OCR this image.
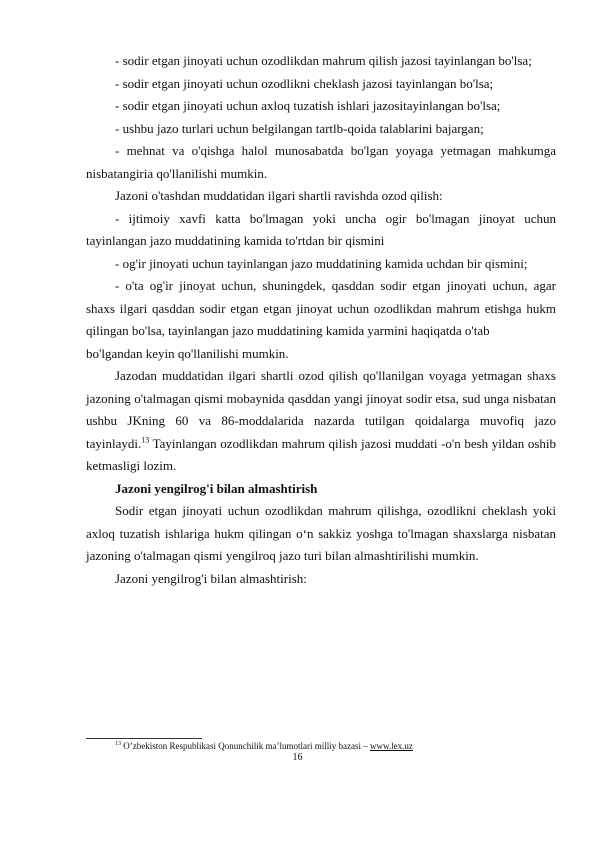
- sodir etgan jinoyati uchun ozodlikdan mahrum qilish jazosi tayinlangan bo'lsa;

- sodir etgan jinoyati uchun ozodlikni cheklash jazosi tayinlangan bo'lsa;

- sodir etgan jinoyati uchun axloq tuzatish ishlari jazositayinlangan bo'lsa;

- ushbu jazo turlari uchun belgilangan tartlb-qoida talablarini bajargan;

- mehnat va o'qishga halol munosabatda bo'lgan yoyaga yetmagan mahkumga nisbatangiria qo'llanilishi mumkin.

Jazoni o'tashdan muddatidan ilgari shartli ravishda ozod qilish:

- ijtimoiy xavfi katta bo'lmagan yoki uncha ogir bo'lmagan jinoyat uchun tayinlangan jazo muddatining kamida to'rtdan bir qismini

- og'ir jinoyati uchun tayinlangan jazo muddatining kamida uchdan bir qismini;

- o'ta og'ir jinoyat uchun, shuningdek, qasddan sodir etgan jinoyati uchun, agar shaxs ilgari qasddan sodir etgan etgan jinoyat uchun ozodlikdan mahrum etishga hukm qilingan bo'lsa, tayinlangan jazo muddatining kamida yarmini haqiqatda o'tab

bo'lgandan keyin qo'llanilishi mumkin.

Jazodan muddatidan ilgari shartli ozod qilish qo'llanilgan voyaga yetmagan shaxs jazoning o'talmagan qismi mobaynida qasddan yangi jinoyat sodir etsa, sud unga nisbatan ushbu JKning 60 va 86-moddalarida nazarda tutilgan qoidalarga muvofiq jazo tayinlaydi.$^{13}$ Tayinlangan ozodlikdan mahrum qilish jazosi muddati -o'n besh yildan oshib ketmasligi lozim.

Jazoni yengilrog'i bilan almashtirish

Sodir etgan jinoyati uchun ozodlikdan mahrum qilishga, ozodlikni cheklash yoki axloq tuzatish ishlariga hukm qilingan o‘n sakkiz yoshga to'lmagan shaxslarga nisbatan jazoning o'talmagan qismi yengilroq jazo turi bilan almashtirilishi mumkin.

Jazoni yengilrog'i bilan almashtirish:

$^{13}$ O’zbekiston Respublikasi Qonunchilik ma’lumotlari milliy bazasi – www.lex.uz
16
